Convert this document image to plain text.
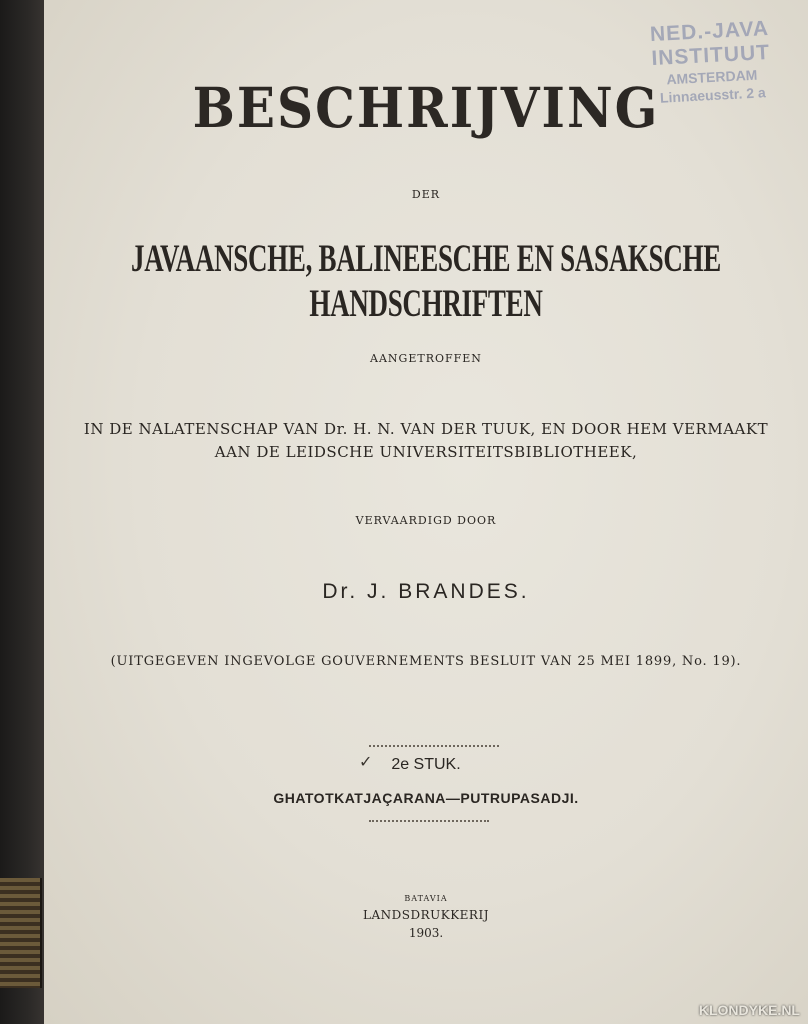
NED.-JAVA
INSTITUUT
AMSTERDAM
Linnaeusstr. 2 a
BESCHRIJVING
DER
JAVAANSCHE, BALINEESCHE EN SASAKSCHE HANDSCHRIFTEN
AANGETROFFEN
IN DE NALATENSCHAP VAN Dr. H. N. VAN DER TUUK, EN DOOR HEM VERMAAKT
AAN DE LEIDSCHE UNIVERSITEITSBIBLIOTHEEK,
VERVAARDIGD DOOR
Dr. J. BRANDES.
(UITGEGEVEN INGEVOLGE GOUVERNEMENTS BESLUIT VAN 25 MEI 1899, No. 19).
✓	2e STUK.
GHATOTKATJAÇARANA—PUTRUPASADJI.
BATAVIA
LANDSDRUKKERIJ
1903.
KLONDYKE.NL
